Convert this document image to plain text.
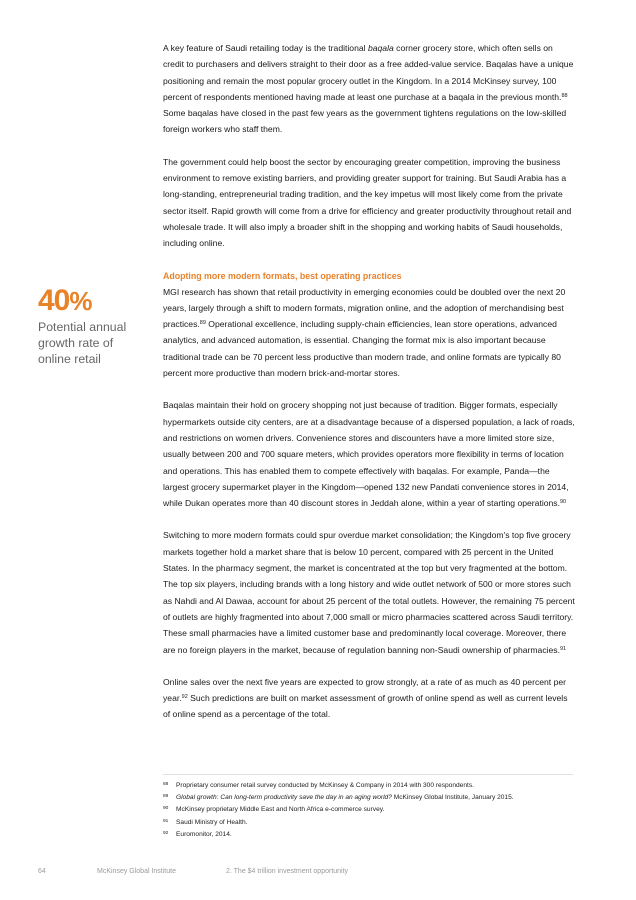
A key feature of Saudi retailing today is the traditional baqala corner grocery store, which often sells on credit to purchasers and delivers straight to their door as a free added-value service. Baqalas have a unique positioning and remain the most popular grocery outlet in the Kingdom. In a 2014 McKinsey survey, 100 percent of respondents mentioned having made at least one purchase at a baqala in the previous month.$^{88}$ Some baqalas have closed in the past few years as the government tightens regulations on the low-skilled foreign workers who staff them.

The government could help boost the sector by encouraging greater competition, improving the business environment to remove existing barriers, and providing greater support for training. But Saudi Arabia has a long-standing, entrepreneurial trading tradition, and the key impetus will most likely come from the private sector itself. Rapid growth will come from a drive for efficiency and greater productivity throughout retail and wholesale trade. It will also imply a broader shift in the shopping and working habits of Saudi households, including online.

Adopting more modern formats, best operating practices

MGI research has shown that retail productivity in emerging economies could be doubled over the next 20 years, largely through a shift to modern formats, migration online, and the adoption of merchandising best practices.$^{89}$ Operational excellence, including supply-chain efficiencies, lean store operations, advanced analytics, and advanced automation, is essential. Changing the format mix is also important because traditional trade can be 70 percent less productive than modern trade, and online formats are typically 80 percent more productive than modern brick-and-mortar stores.

Baqalas maintain their hold on grocery shopping not just because of tradition. Bigger formats, especially hypermarkets outside city centers, are at a disadvantage because of a dispersed population, a lack of roads, and restrictions on women drivers. Convenience stores and discounters have a more limited store size, usually between 200 and 700 square meters, which provides operators more flexibility in terms of location and operations. This has enabled them to compete effectively with baqalas. For example, Panda—the largest grocery supermarket player in the Kingdom—opened 132 new Pandati convenience stores in 2014, while Dukan operates more than 40 discount stores in Jeddah alone, within a year of starting operations.$^{90}$

Switching to more modern formats could spur overdue market consolidation; the Kingdom's top five grocery markets together hold a market share that is below 10 percent, compared with 25 percent in the United States. In the pharmacy segment, the market is concentrated at the top but very fragmented at the bottom. The top six players, including brands with a long history and wide outlet network of 500 or more stores such as Nahdi and Al Dawaa, account for about 25 percent of the total outlets. However, the remaining 75 percent of outlets are highly fragmented into about 7,000 small or micro pharmacies scattered across Saudi territory. These small pharmacies have a limited customer base and predominantly local coverage. Moreover, there are no foreign players in the market, because of regulation banning non-Saudi ownership of pharmacies.$^{91}$

Online sales over the next five years are expected to grow strongly, at a rate of as much as 40 percent per year.$^{92}$ Such predictions are built on market assessment of growth of online spend as well as current levels of online spend as a percentage of the total.

40%
Potential annual growth rate of online retail
88 Proprietary consumer retail survey conducted by McKinsey & Company in 2014 with 300 respondents.
89 Global growth: Can long-term productivity save the day in an aging world? McKinsey Global Institute, January 2015.
90 McKinsey proprietary Middle East and North Africa e-commerce survey.
91 Saudi Ministry of Health.
92 Euromonitor, 2014.
64	McKinsey Global Institute	2. The $4 trillion investment opportunity
